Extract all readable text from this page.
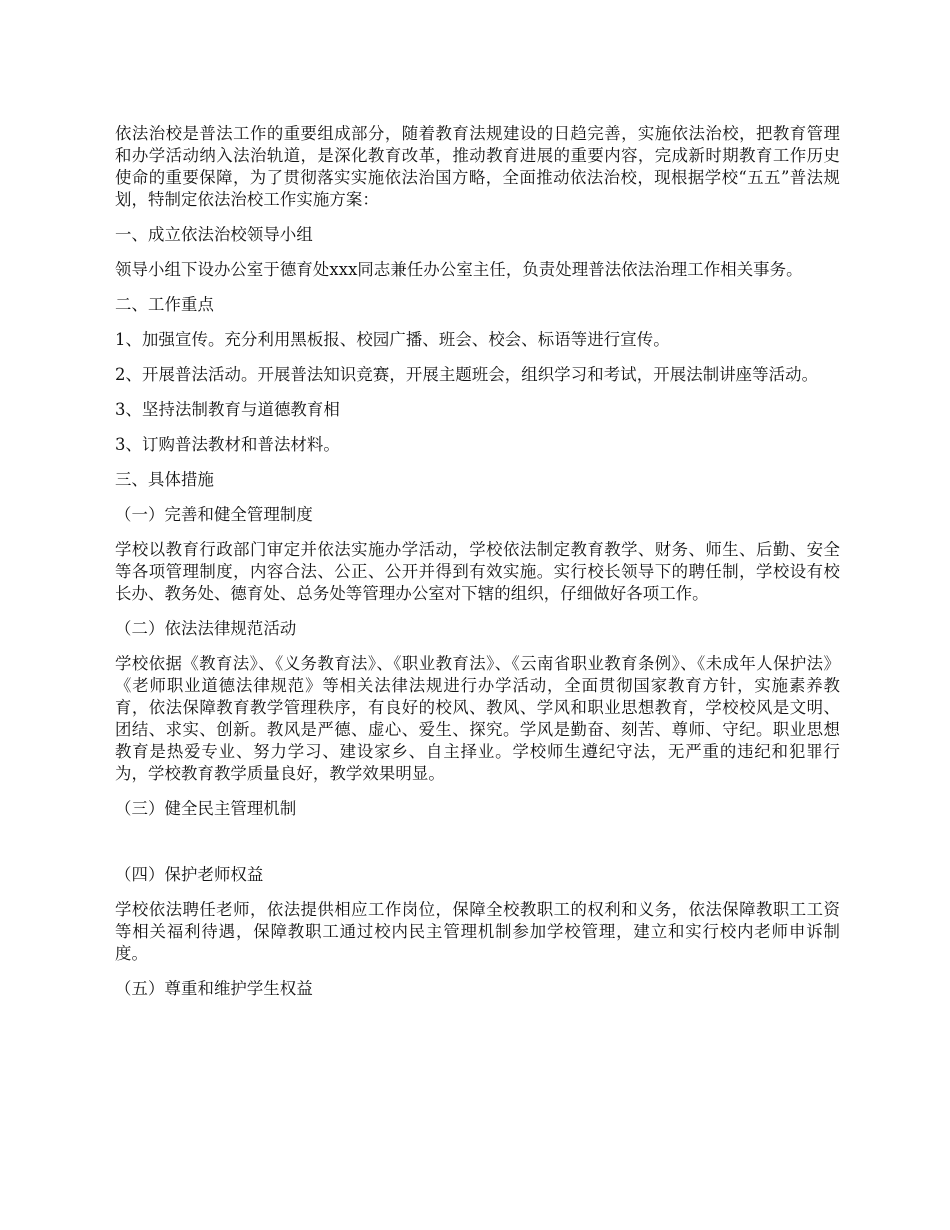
依法治校是普法工作的重要组成部分，随着教育法规建设的日趋完善，实施依法治校，把教育管理和办学活动纳入法治轨道，是深化教育改革，推动教育进展的重要内容，完成新时期教育工作历史使命的重要保障，为了贯彻落实实施依法治国方略，全面推动依法治校，现根据学校“五五”普法规划，特制定依法治校工作实施方案：

一、成立依法治校领导小组

领导小组下设办公室于德育处xxx同志兼任办公室主任，负责处理普法依法治理工作相关事务。

二、工作重点

1、加强宣传。充分利用黑板报、校园广播、班会、校会、标语等进行宣传。

2、开展普法活动。开展普法知识竞赛，开展主题班会，组织学习和考试，开展法制讲座等活动。

3、坚持法制教育与道德教育相

3、订购普法教材和普法材料。

三、具体措施

（一）完善和健全管理制度

学校以教育行政部门审定并依法实施办学活动，学校依法制定教育教学、财务、师生、后勤、安全等各项管理制度，内容合法、公正、公开并得到有效实施。实行校长领导下的聘任制，学校设有校长办、教务处、德育处、总务处等管理办公室对下辖的组织，仔细做好各项工作。

（二）依法法律规范活动

学校依据《教育法》、《义务教育法》、《职业教育法》、《云南省职业教育条例》、《未成年人保护法》《老师职业道德法律规范》等相关法律法规进行办学活动，全面贯彻国家教育方针，实施素养教育，依法保障教育教学管理秩序，有良好的校风、教风、学风和职业思想教育，学校校风是文明、团结、求实、创新。教风是严德、虚心、爱生、探究。学风是勤奋、刻苦、尊师、守纪。职业思想教育是热爱专业、努力学习、建设家乡、自主择业。学校师生遵纪守法，无严重的违纪和犯罪行为，学校教育教学质量良好，教学效果明显。

（三）健全民主管理机制

（四）保护老师权益

学校依法聘任老师，依法提供相应工作岗位，保障全校教职工的权利和义务，依法保障教职工工资等相关福利待遇，保障教职工通过校内民主管理机制参加学校管理，建立和实行校内老师申诉制度。

（五）尊重和维护学生权益
